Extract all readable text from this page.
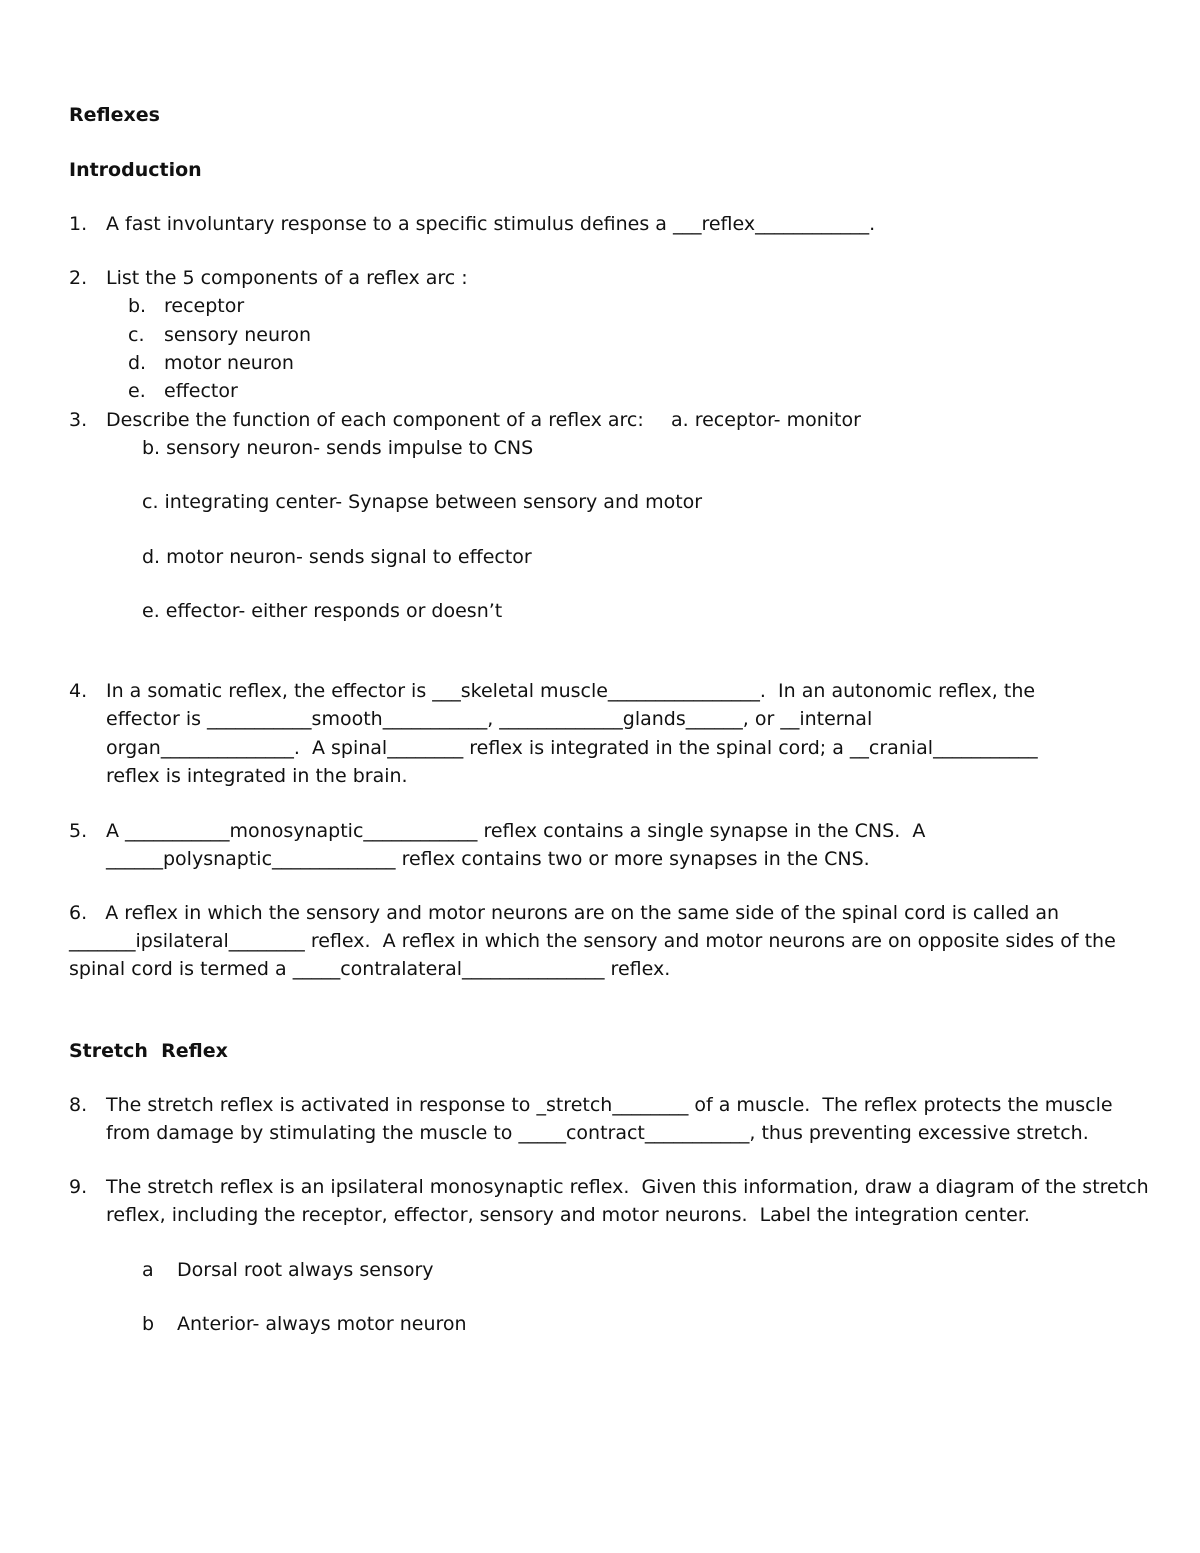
Reflexes
Introduction
1. A fast involuntary response to a specific stimulus defines a ___reflex____________.
2. List the 5 components of a reflex arc :
b. receptor
c. sensory neuron
d. motor neuron
e. effector
3. Describe the function of each component of a reflex arc: a. receptor- monitor
b. sensory neuron- sends impulse to CNS
c. integrating center- Synapse between sensory and motor
d. motor neuron- sends signal to effector
e. effector- either responds or doesn’t
4. In a somatic reflex, the effector is ___skeletal muscle________________.  In an autonomic reflex, the
effector is ___________smooth___________, _____________glands______, or __internal
organ______________.  A spinal________ reflex is integrated in the spinal cord; a __cranial___________
reflex is integrated in the brain.
5. A ___________monosynaptic____________ reflex contains a single synapse in the CNS.  A
______polysnaptic_____________ reflex contains two or more synapses in the CNS.
6.   A reflex in which the sensory and motor neurons are on the same side of the spinal cord is called an
_______ipsilateral________ reflex.  A reflex in which the sensory and motor neurons are on opposite sides of the
spinal cord is termed a _____contralateral_______________ reflex.
Stretch  Reflex
8. The stretch reflex is activated in response to _stretch________ of a muscle.  The reflex protects the muscle
from damage by stimulating the muscle to _____contract___________, thus preventing excessive stretch.
9. The stretch reflex is an ipsilateral monosynaptic reflex.  Given this information, draw a diagram of the stretch
reflex, including the receptor, effector, sensory and motor neurons.  Label the integration center.
a Dorsal root always sensory
b Anterior- always motor neuron
